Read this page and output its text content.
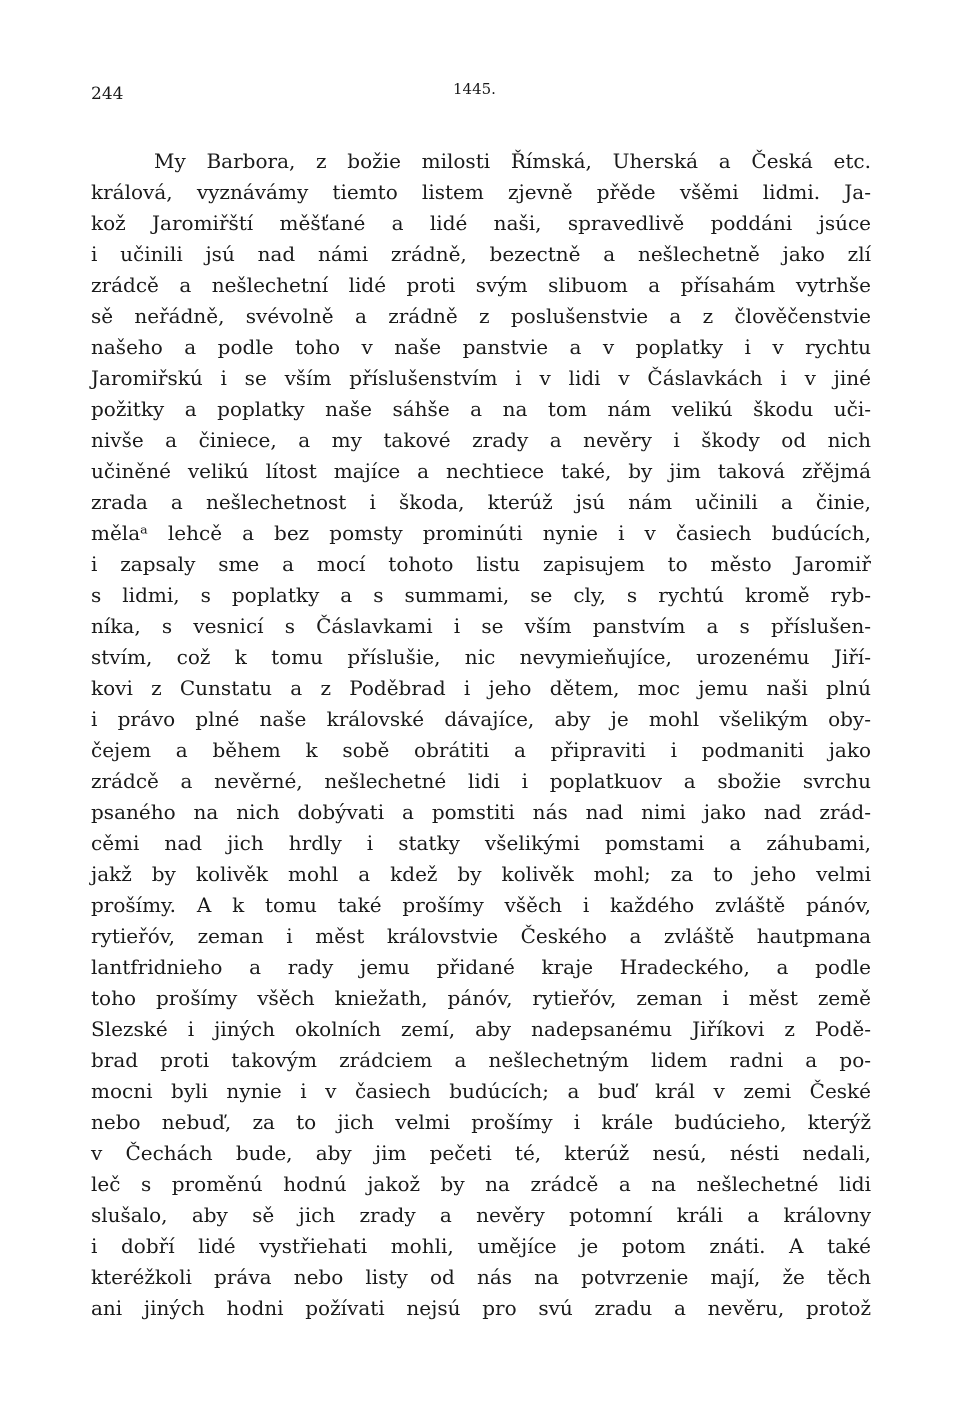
244	1445.
My Barbora, z božie milosti Římská, Uherská a Česká etc.
králová, vyznávámy tiemto listem zjevně přěde všěmi lidmi. Ja-
kož Jaromiřští měšťané a lidé naši, spravedlivě poddáni jsúce
i učinili jsú nad námi zrádně, bezectně a nešlechetně jako zlí
zrádcě a nešlechetní lidé proti svým slibuom a přísahám vytrhše
sě neřádně, svévolně a zrádně z poslušenstvie a z člověčenstvie
našeho a podle toho v naše panstvie a v poplatky i v rychtu
Jaromiřskú i se vším příslušenstvím i v lidi v Čáslavkách i v jiné
požitky a poplatky naše sáhše a na tom nám velikú škodu uči-
nivše a činiece, a my takové zrady a nevěry i škody od nich
učiněné velikú lítost majíce a nechtiece také, by jim taková zřějmá
zrada a nešlechetnost i škoda, kterúž jsú nám učinili a činie,
mělaᵃ lehcě a bez pomsty prominúti nynie i v časiech budúcích,
i zapsaly sme a mocí tohoto listu zapisujem to město Jaromiř
s lidmi, s poplatky a s summami, se cly, s rychtú kromě ryb-
níka, s vesnicí s Čáslavkami i se vším panstvím a s příslušen-
stvím, což k tomu příslušie, nic nevymieňujíce, urozenému Jiří-
kovi z Cunstatu a z Poděbrad i jeho dětem, moc jemu naši plnú
i právo plné naše královské dávajíce, aby je mohl všelikým oby-
čejem a během k sobě obrátiti a připraviti i podmaniti jako
zrádcě a nevěrné, nešlechetné lidi i poplatkuov a sbožie svrchu
psaného na nich dobývati a pomstiti nás nad nimi jako nad zrád-
cěmi nad jich hrdly i statky všelikými pomstami a záhubami,
jakž by kolivěk mohl a kdež by kolivěk mohl; za to jeho velmi
prošímy. A k tomu také prošímy všěch i každého zvláště pánóv,
rytieřóv, zeman i měst královstvie Českého a zvláště hautpmana
lantfridnieho a rady jemu přidané kraje Hradeckého, a podle
toho prošímy všěch kniežath, pánóv, rytieřóv, zeman i měst země
Slezské i jiných okolních zemí, aby nadepsanému Jiříkovi z Podě-
brad proti takovým zrádciem a nešlechetným lidem radni a po-
mocni byli nynie i v časiech budúcích; a buď král v zemi České
nebo nebuď, za to jich velmi prošímy i krále budúcieho, kterýž
v Čechách bude, aby jim pečeti té, kterúž nesú, nésti nedali,
leč s proměnú hodnú jakož by na zrádcě a na nešlechetné lidi
slušalo, aby sě jich zrady a nevěry potomní králi a královny
i dobří lidé vystřiehati mohli, umějíce je potom znáti. A také
kteréžkoli práva nebo listy od nás na potvrzenie mají, že těch
ani jiných hodni požívati nejsú pro svú zradu a nevěru, protož
